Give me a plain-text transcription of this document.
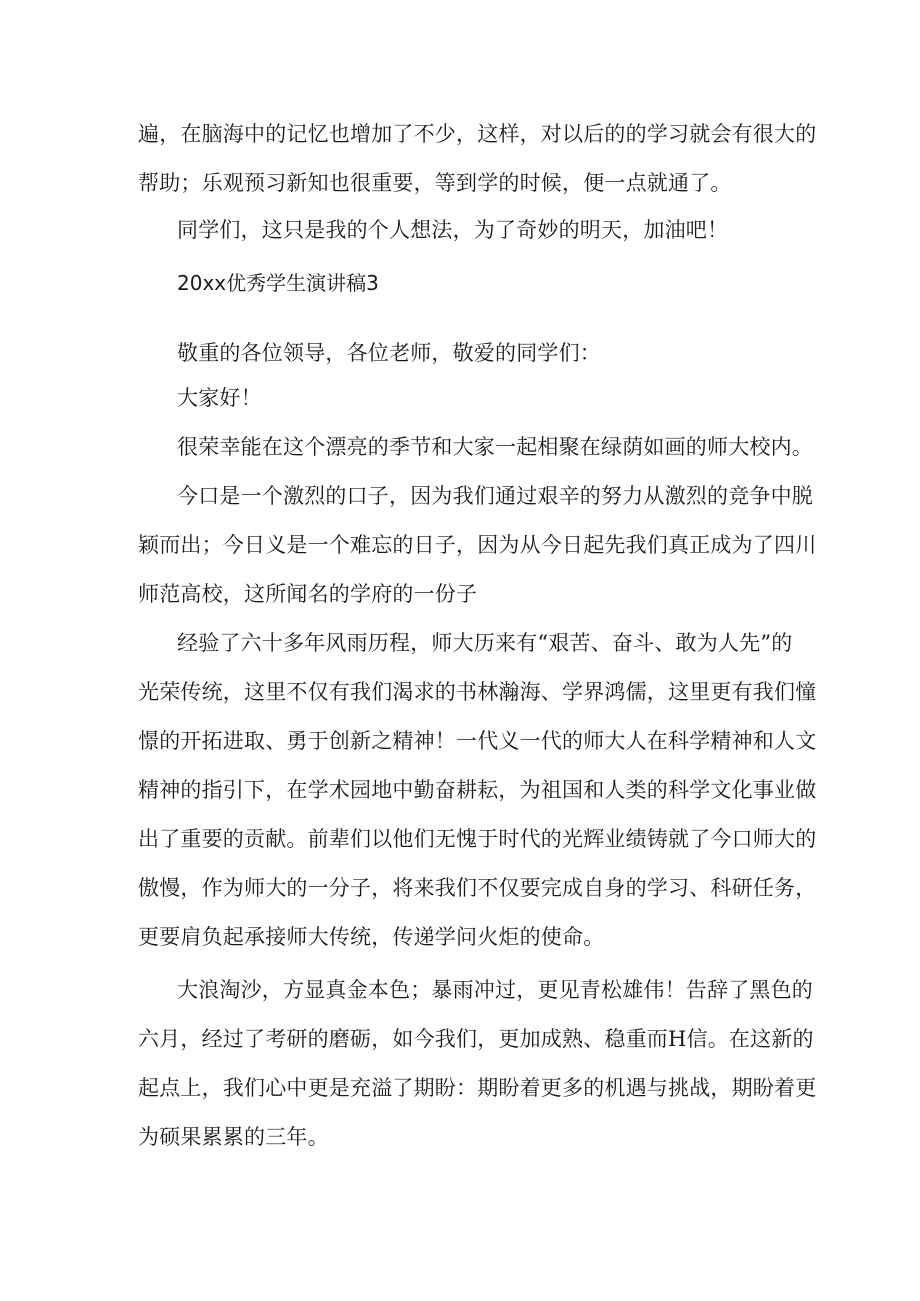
遍，在脑海中的记忆也增加了不少，这样，对以后的的学习就会有很大的
帮助；乐观预习新知也很重要，等到学的时候，便一点就通了。
同学们，这只是我的个人想法，为了奇妙的明天，加油吧！
20xx优秀学生演讲稿3
敬重的各位领导，各位老师，敬爱的同学们：
大家好！
很荣幸能在这个漂亮的季节和大家一起相聚在绿荫如画的师大校内。
今口是一个激烈的口子，因为我们通过艰辛的努力从激烈的竞争中脱
颖而出；今日义是一个难忘的日子，因为从今日起先我们真正成为了四川
师范高校，这所闻名的学府的一份子
经验了六十多年风雨历程，师大历来有“艰苦、奋斗、敢为人先”的
光荣传统，这里不仅有我们渴求的书林瀚海、学界鸿儒，这里更有我们憧
憬的开拓进取、勇于创新之精神！一代义一代的师大人在科学精神和人文
精神的指引下，在学术园地中勤奋耕耘，为祖国和人类的科学文化事业做
出了重要的贡献。前辈们以他们无愧于时代的光辉业绩铸就了今口师大的
傲慢，作为师大的一分子，将来我们不仅要完成自身的学习、科研任务，
更要肩负起承接师大传统，传递学问火炬的使命。
大浪淘沙，方显真金本色；暴雨冲过，更见青松雄伟！告辞了黑色的
六月，经过了考研的磨砺，如今我们，更加成熟、稳重而H信。在这新的
起点上，我们心中更是充溢了期盼：期盼着更多的机遇与挑战，期盼着更
为硕果累累的三年。
